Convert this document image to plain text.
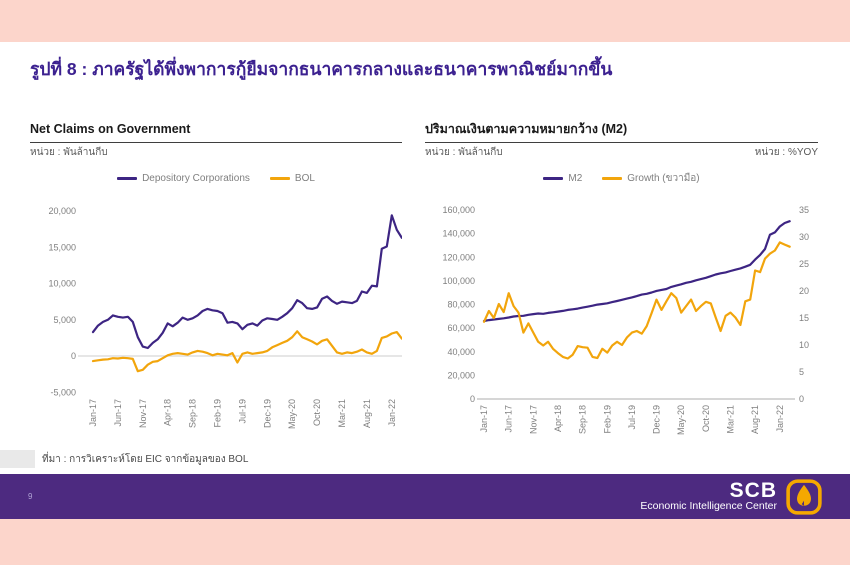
รูปที่ 8 : ภาครัฐได้พึ่งพาการกู้ยืมจากธนาคารกลางและธนาคารพาณิชย์มากขึ้น
Net Claims on Government
หน่วย : พันล้านกีบ
Depository Corporations	BOL
20,000
15,000
10,000
5,000
0
-5,000
Jan-17 Jun-17 Nov-17 Apr-18 Sep-18 Feb-19 Jul-19 Dec-19 May-20 Oct-20 Mar-21 Aug-21 Jan-22
ปริมาณเงินตามความหมายกว้าง (M2)
หน่วย : พันล้านกีบ	หน่วย : %YOY
M2	Growth (ขวามือ)
160,000
140,000
120,000
100,000
80,000
60,000
40,000
20,000
0
35
30
25
20
15
10
5
0
Jan-17 Jun-17 Nov-17 Apr-18 Sep-18 Feb-19 Jul-19 Dec-19 May-20 Oct-20 Mar-21 Aug-21 Jan-22
ที่มา : การวิเคราะห์โดย EIC จากข้อมูลของ BOL
9	SCB
Economic Intelligence Center
